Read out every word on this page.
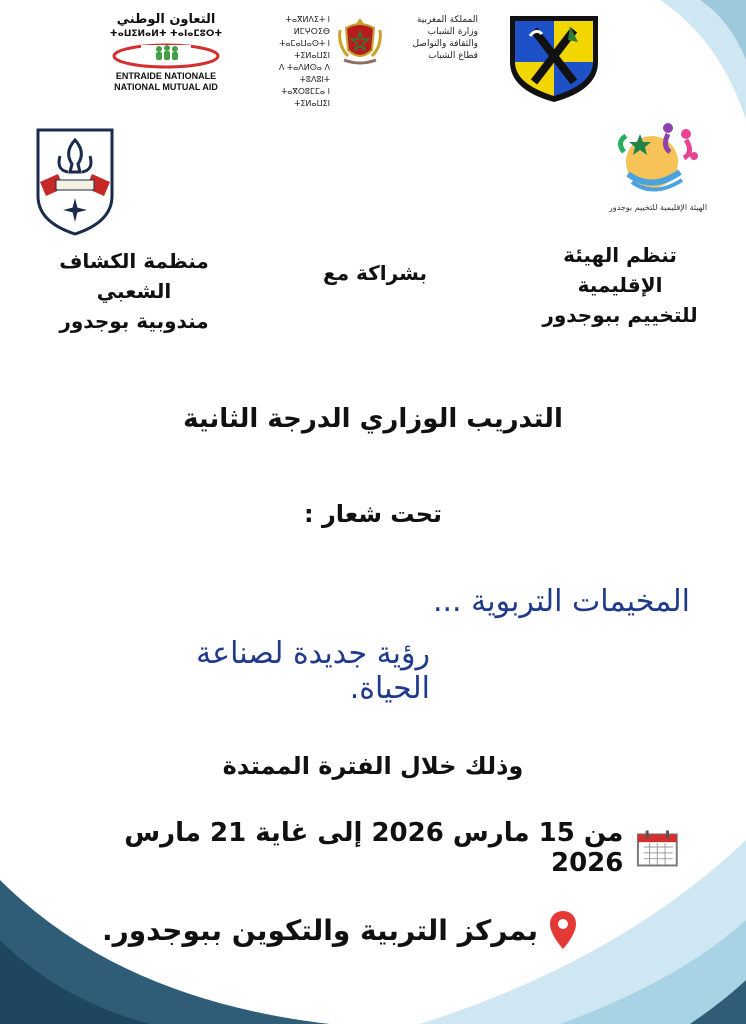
التعاون الوطني
ⵜⴰⵡⵉⵍⴰⵍⵜ ⵜⴰⵏⴰⵎⵓⵔⵜ
ENTRAIDE NATIONALE
NATIONAL MUTUAL AID
ⵜⴰⴳⵍⴷⵉⵜ ⵏ ⵍⵎⵖⵔⵉⴱ
ⵜⴰⵎⴰⵡⴰⵙⵜ ⵏ ⵜⵉⵍⴰⵡⵉⵏ
ⴷ ⵜⴰⴷⵍⵙⴰ ⴷ ⵜⵓⴷⵓⵏⵜ
ⵜⴰⴳⵔⵓⵎⵎⴰ ⵏ ⵜⵉⵍⴰⵡⵉⵏ
المملكة المغربية
وزارة الشباب
والثقافة والتواصل
قطاع الشباب
الهيئة الإقليمية للتخييم بوجدور
تنظم الهيئة الإقليمية
للتخييم ببوجدور
بشراكة مع
منظمة الكشاف الشعبي
مندوبية بوجدور
التدريب الوزاري الدرجة الثانية
تحت شعار :
المخيمات التربوية ...
رؤية جديدة لصناعة الحياة.
وذلك خلال الفترة الممتدة
من 15 مارس 2026 إلى غاية 21 مارس 2026
بمركز التربية والتكوين ببوجدور.
